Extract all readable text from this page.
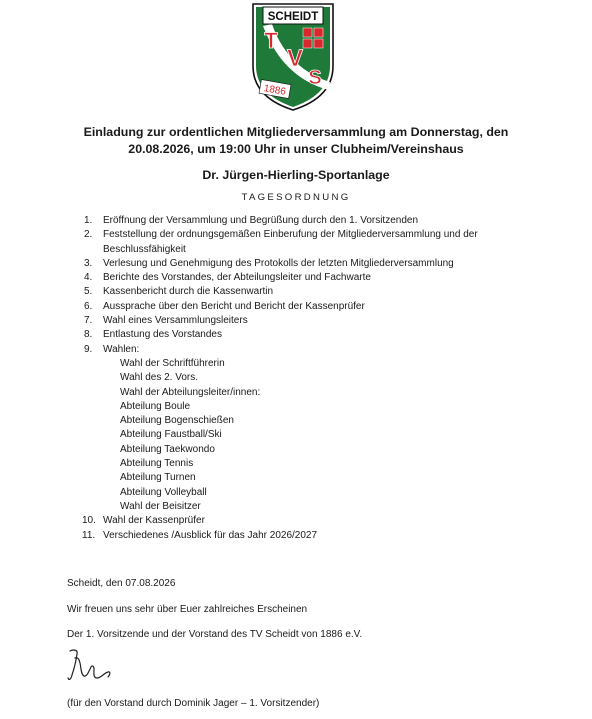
SCHEIDT
T
V
S
1886
Einladung zur ordentlichen Mitgliederversammlung am Donnerstag, den
20.08.2026, um 19:00 Uhr in unser Clubheim/Vereinshaus
Dr. Jürgen-Hierling-Sportanlage
TAGESORDNUNG
1. Eröffnung der Versammlung und Begrüßung durch den 1. Vorsitzenden
2. Feststellung der ordnungsgemäßen Einberufung der Mitgliederversammlung und der Beschlussfähigkeit
3. Verlesung und Genehmigung des Protokolls der letzten Mitgliederversammlung
4. Berichte des Vorstandes, der Abteilungsleiter und Fachwarte
5. Kassenbericht durch die Kassenwartin
6. Aussprache über den Bericht und Bericht der Kassenprüfer
7. Wahl eines Versammlungsleiters
8. Entlastung des Vorstandes
9. Wahlen:
Wahl der Schriftführerin
Wahl des 2. Vors.
Wahl der Abteilungsleiter/innen:
Abteilung Boule
Abteilung Bogenschießen
Abteilung Faustball/Ski
Abteilung Taekwondo
Abteilung Tennis
Abteilung Turnen
Abteilung Volleyball
Wahl der Beisitzer
10. Wahl der Kassenprüfer
11. Verschiedenes /Ausblick für das Jahr 2026/2027
Scheidt, den 07.08.2026
Wir freuen uns sehr über Euer zahlreiches Erscheinen
Der 1. Vorsitzende und der Vorstand des TV Scheidt von 1886 e.V.
(für den Vorstand durch Dominik Jager – 1. Vorsitzender)
